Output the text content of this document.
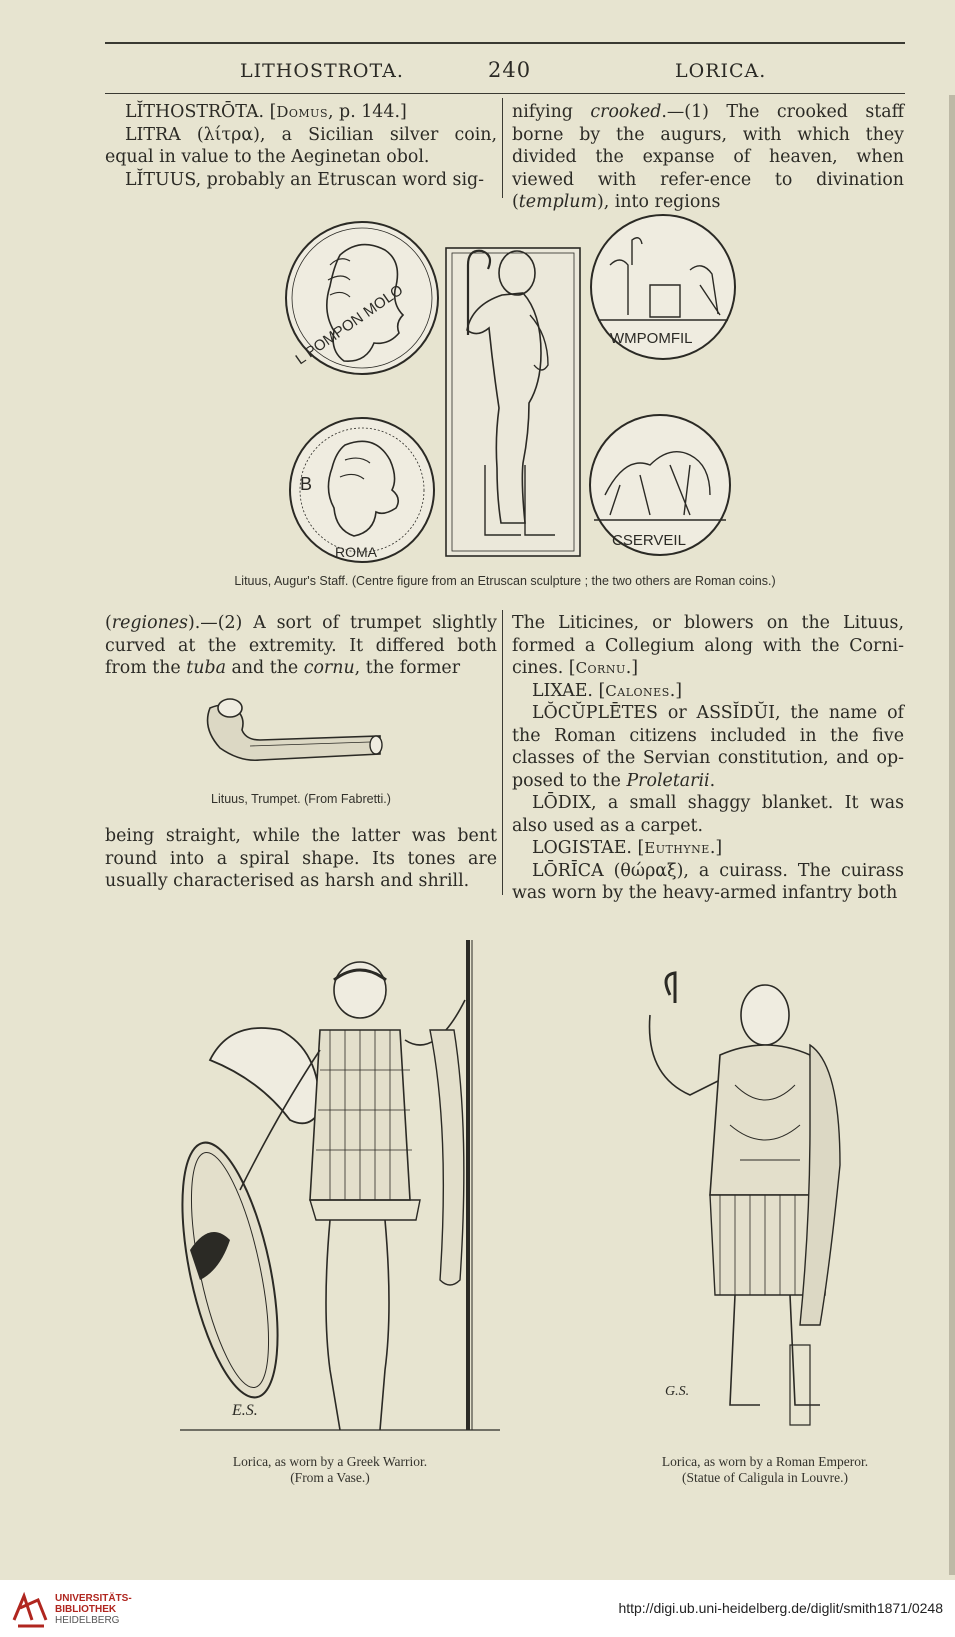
LITHOSTROTA.	240	LORICA.

LĬTHOSTRŌTA. [Domus, p. 144.]

LITRA (λίτρα), a Sicilian silver coin, equal in value to the Aeginetan obol.

LĬTUUS, probably an Etruscan word sig-

nifying crooked.—(1) The crooked staff borne by the augurs, with which they divided the expanse of heaven, when viewed with refer-ence to divination (templum), into regions

L POMPON MOLO
B
ROMA
WMPOMFIL
CSERVEIL
Lituus, Augur's Staff. (Centre figure from an Etruscan sculpture ; the two others are Roman coins.)

(regiones).—(2) A sort of trumpet slightly curved at the extremity. It differed both from the tuba and the cornu, the former

Lituus, Trumpet. (From Fabretti.)

being straight, while the latter was bent round into a spiral shape. Its tones are usually characterised as harsh and shrill.

The Liticines, or blowers on the Lituus, formed a Collegium along with the Corni-cines. [Cornu.]

LIXAE. [Calones.]

LŎCŬPLĒTES or ASSĬDŬI, the name of the Roman citizens included in the five classes of the Servian constitution, and op-posed to the Proletarii.

LŌDIX, a small shaggy blanket. It was also used as a carpet.

LOGISTAE. [Euthyne.]

LŌRĪCA (θώραξ), a cuirass. The cuirass was worn by the heavy-armed infantry both

E.S.
Lorica, as worn by a Greek Warrior.
(From a Vase.)
G.S.
Lorica, as worn by a Roman Emperor.
(Statue of Caligula in Louvre.)
UNIVERSITÄTS-
BIBLIOTHEK
HEIDELBERG
http://digi.ub.uni-heidelberg.de/diglit/smith1871/0248
